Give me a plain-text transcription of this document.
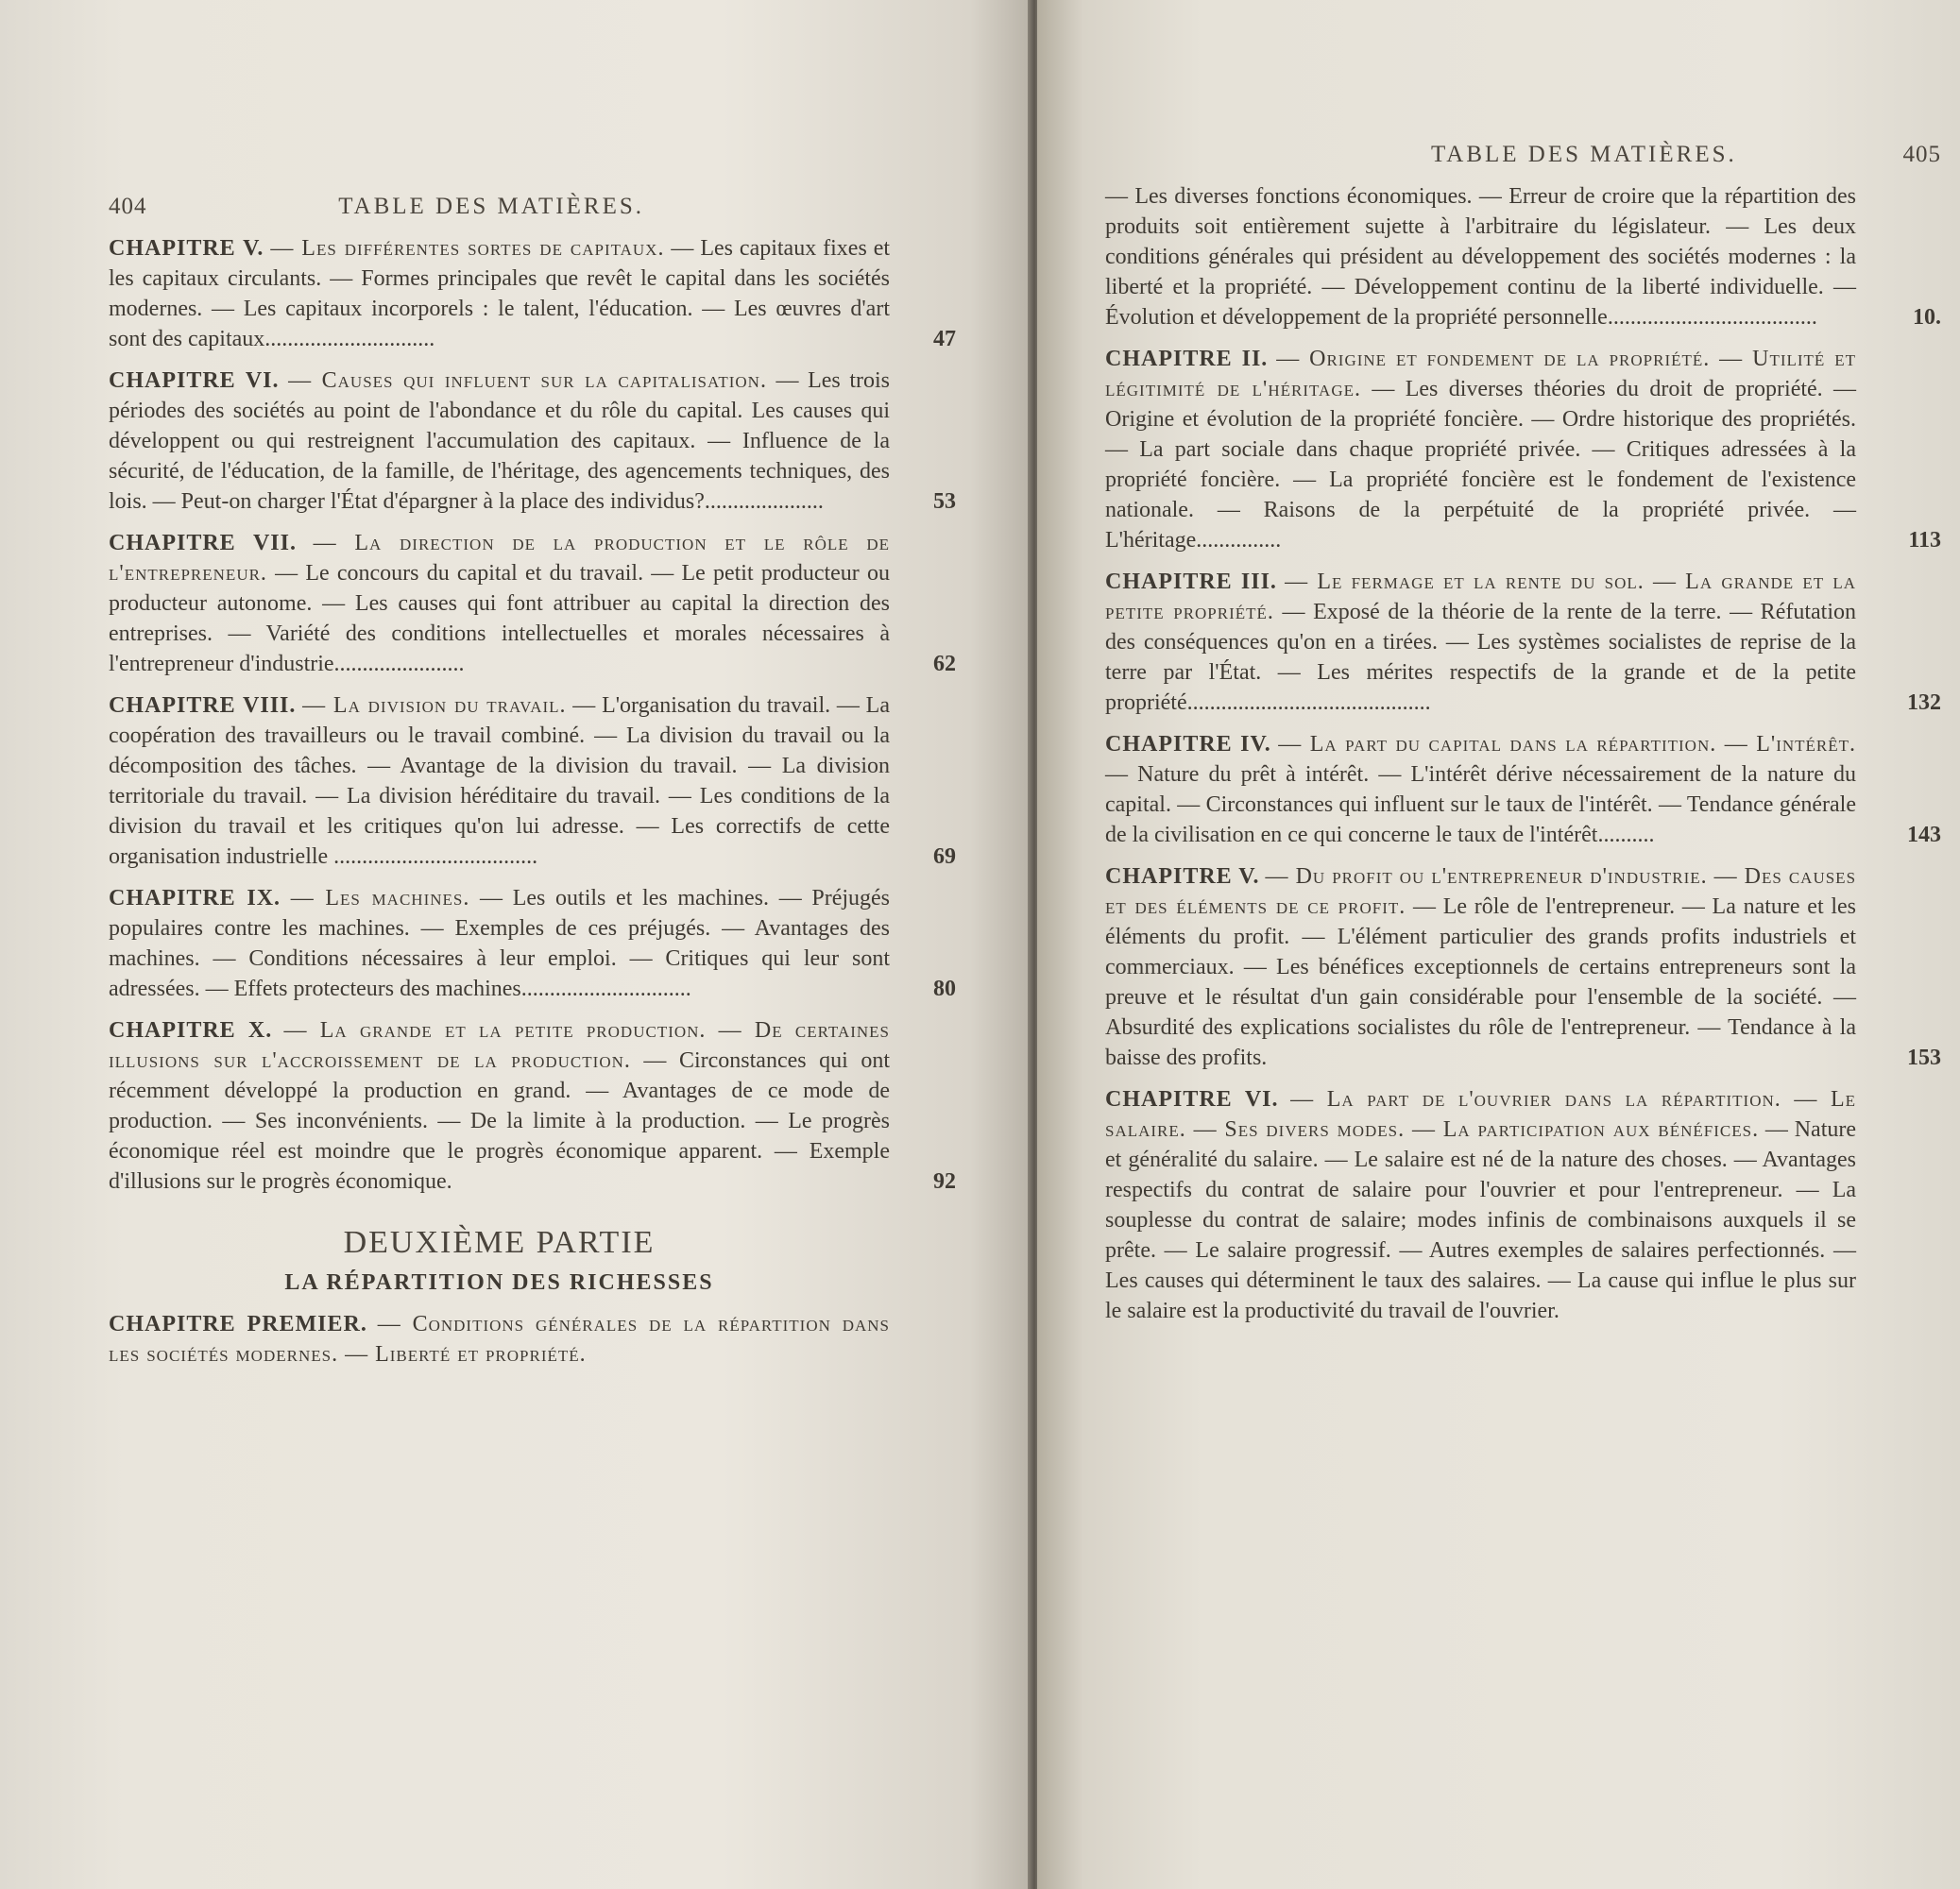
404	TABLE DES MATIÈRES.
CHAPITRE V. — Les différentes sortes de capitaux. — Les capitaux fixes et les capitaux circulants. — Formes principales que revêt le capital dans les sociétés modernes. — Les capitaux incorporels : le talent, l'éducation. — Les œuvres d'art sont des capitaux..............................	47
CHAPITRE VI. — Causes qui influent sur la capitalisation. — Les trois périodes des sociétés au point de l'abondance et du rôle du capital. Les causes qui développent ou qui restreignent l'accumulation des capitaux. — Influence de la sécurité, de l'éducation, de la famille, de l'héritage, des agencements techniques, des lois. — Peut-on charger l'État d'épargner à la place des individus?.....................	53
CHAPITRE VII. — La direction de la production et le rôle de l'entrepreneur. — Le concours du capital et du travail. — Le petit producteur ou producteur autonome. — Les causes qui font attribuer au capital la direction des entreprises. — Variété des conditions intellectuelles et morales nécessaires à l'entrepreneur d'industrie.......................	62
CHAPITRE VIII. — La division du travail. — L'organisation du travail. — La coopération des travailleurs ou le travail combiné. — La division du travail ou la décomposition des tâches. — Avantage de la division du travail. — La division territoriale du travail. — La division héréditaire du travail. — Les conditions de la division du travail et les critiques qu'on lui adresse. — Les correctifs de cette organisation industrielle ....................................	69
CHAPITRE IX. — Les machines. — Les outils et les machines. — Préjugés populaires contre les machines. — Exemples de ces préjugés. — Avantages des machines. — Conditions nécessaires à leur emploi. — Critiques qui leur sont adressées. — Effets protecteurs des machines..............................	80
CHAPITRE X. — La grande et la petite production. — De certaines illusions sur l'accroissement de la production. — Circonstances qui ont récemment développé la production en grand. — Avantages de ce mode de production. — Ses inconvénients. — De la limite à la production. — Le progrès économique réel est moindre que le progrès économique apparent. — Exemple d'illusions sur le progrès économique.	92
DEUXIÈME PARTIE
LA RÉPARTITION DES RICHESSES
CHAPITRE PREMIER. — Conditions générales de la répartition dans les sociétés modernes. — Liberté et propriété.
TABLE DES MATIÈRES.	405
— Les diverses fonctions économiques. — Erreur de croire que la répartition des produits soit entièrement sujette à l'arbitraire du législateur. — Les deux conditions générales qui président au développement des sociétés modernes : la liberté et la propriété. — Développement continu de la liberté individuelle. — Évolution et développement de la propriété personnelle.....................................	10.
CHAPITRE II. — Origine et fondement de la propriété. — Utilité et légitimité de l'héritage. — Les diverses théories du droit de propriété. — Origine et évolution de la propriété foncière. — Ordre historique des propriétés. — La part sociale dans chaque propriété privée. — Critiques adressées à la propriété foncière. — La propriété foncière est le fondement de l'existence nationale. — Raisons de la perpétuité de la propriété privée. — L'héritage...............	113
CHAPITRE III. — Le fermage et la rente du sol. — La grande et la petite propriété. — Exposé de la théorie de la rente de la terre. — Réfutation des conséquences qu'on en a tirées. — Les systèmes socialistes de reprise de la terre par l'État. — Les mérites respectifs de la grande et de la petite propriété...........................................	132
CHAPITRE IV. — La part du capital dans la répartition. — L'intérêt. — Nature du prêt à intérêt. — L'intérêt dérive nécessairement de la nature du capital. — Circonstances qui influent sur le taux de l'intérêt. — Tendance générale de la civilisation en ce qui concerne le taux de l'intérêt..........	143
CHAPITRE V. — Du profit ou l'entrepreneur d'industrie. — Des causes et des éléments de ce profit. — Le rôle de l'entrepreneur. — La nature et les éléments du profit. — L'élément particulier des grands profits industriels et commerciaux. — Les bénéfices exceptionnels de certains entrepreneurs sont la preuve et le résultat d'un gain considérable pour l'ensemble de la société. — Absurdité des explications socialistes du rôle de l'entrepreneur. — Tendance à la baisse des profits.	153
CHAPITRE VI. — La part de l'ouvrier dans la répartition. — Le salaire. — Ses divers modes. — La participation aux bénéfices. — Nature et généralité du salaire. — Le salaire est né de la nature des choses. — Avantages respectifs du contrat de salaire pour l'ouvrier et pour l'entrepreneur. — La souplesse du contrat de salaire; modes infinis de combinaisons auxquels il se prête. — Le salaire progressif. — Autres exemples de salaires perfectionnés. — Les causes qui déterminent le taux des salaires. — La cause qui influe le plus sur le salaire est la productivité du travail de l'ouvrier.
